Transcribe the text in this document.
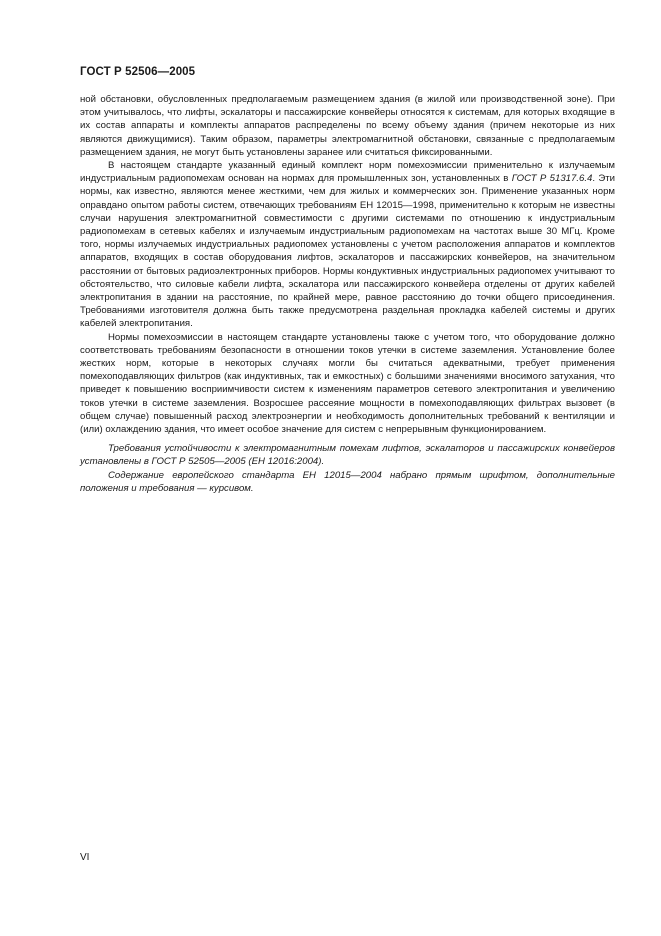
ГОСТ Р 52506—2005

ной обстановки, обусловленных предполагаемым размещением здания (в жилой или производственной зоне). При этом учитывалось, что лифты, эскалаторы и пассажирские конвейеры относятся к системам, для которых входящие в их состав аппараты и комплекты аппаратов распределены по всему объему здания (причем некоторые из них являются движущимися). Таким образом, параметры электромагнитной обстановки, связанные с предполагаемым размещением здания, не могут быть установлены заранее или считаться фиксированными.

В настоящем стандарте указанный единый комплект норм помехоэмиссии применительно к излучаемым индустриальным радиопомехам основан на нормах для промышленных зон, установленных в ГОСТ Р 51317.6.4. Эти нормы, как известно, являются менее жесткими, чем для жилых и коммерческих зон. Применение указанных норм оправдано опытом работы систем, отвечающих требованиям ЕН 12015—1998, применительно к которым не известны случаи нарушения электромагнитной совместимости с другими системами по отношению к индустриальным радиопомехам в сетевых кабелях и излучаемым индустриальным радиопомехам на частотах выше 30 МГц. Кроме того, нормы излучаемых индустриальных радиопомех установлены с учетом расположения аппаратов и комплектов аппаратов, входящих в состав оборудования лифтов, эскалаторов и пассажирских конвейеров, на значительном расстоянии от бытовых радиоэлектронных приборов. Нормы кондуктивных индустриальных радиопомех учитывают то обстоятельство, что силовые кабели лифта, эскалатора или пассажирского конвейера отделены от других кабелей электропитания в здании на расстояние, по крайней мере, равное расстоянию до точки общего присоединения. Требованиями изготовителя должна быть также предусмотрена раздельная прокладка кабелей системы и других кабелей электропитания.

Нормы помехоэмиссии в настоящем стандарте установлены также с учетом того, что оборудование должно соответствовать требованиям безопасности в отношении токов утечки в системе заземления. Установление более жестких норм, которые в некоторых случаях могли бы считаться адекватными, требует применения помехоподавляющих фильтров (как индуктивных, так и емкостных) с большими значениями вносимого затухания, что приведет к повышению восприимчивости систем к изменениям параметров сетевого электропитания и увеличению токов утечки в системе заземления. Возросшее рассеяние мощности в помехоподавляющих фильтрах вызовет (в общем случае) повышенный расход электроэнергии и необходимость дополнительных требований к вентиляции и (или) охлаждению здания, что имеет особое значение для систем с непрерывным функционированием.

Требования устойчивости к электромагнитным помехам лифтов, эскалаторов и пассажирских конвейеров установлены в ГОСТ Р 52505—2005 (ЕН 12016:2004).

Содержание европейского стандарта ЕН 12015—2004 набрано прямым шрифтом, дополнительные положения и требования — курсивом.

VI
